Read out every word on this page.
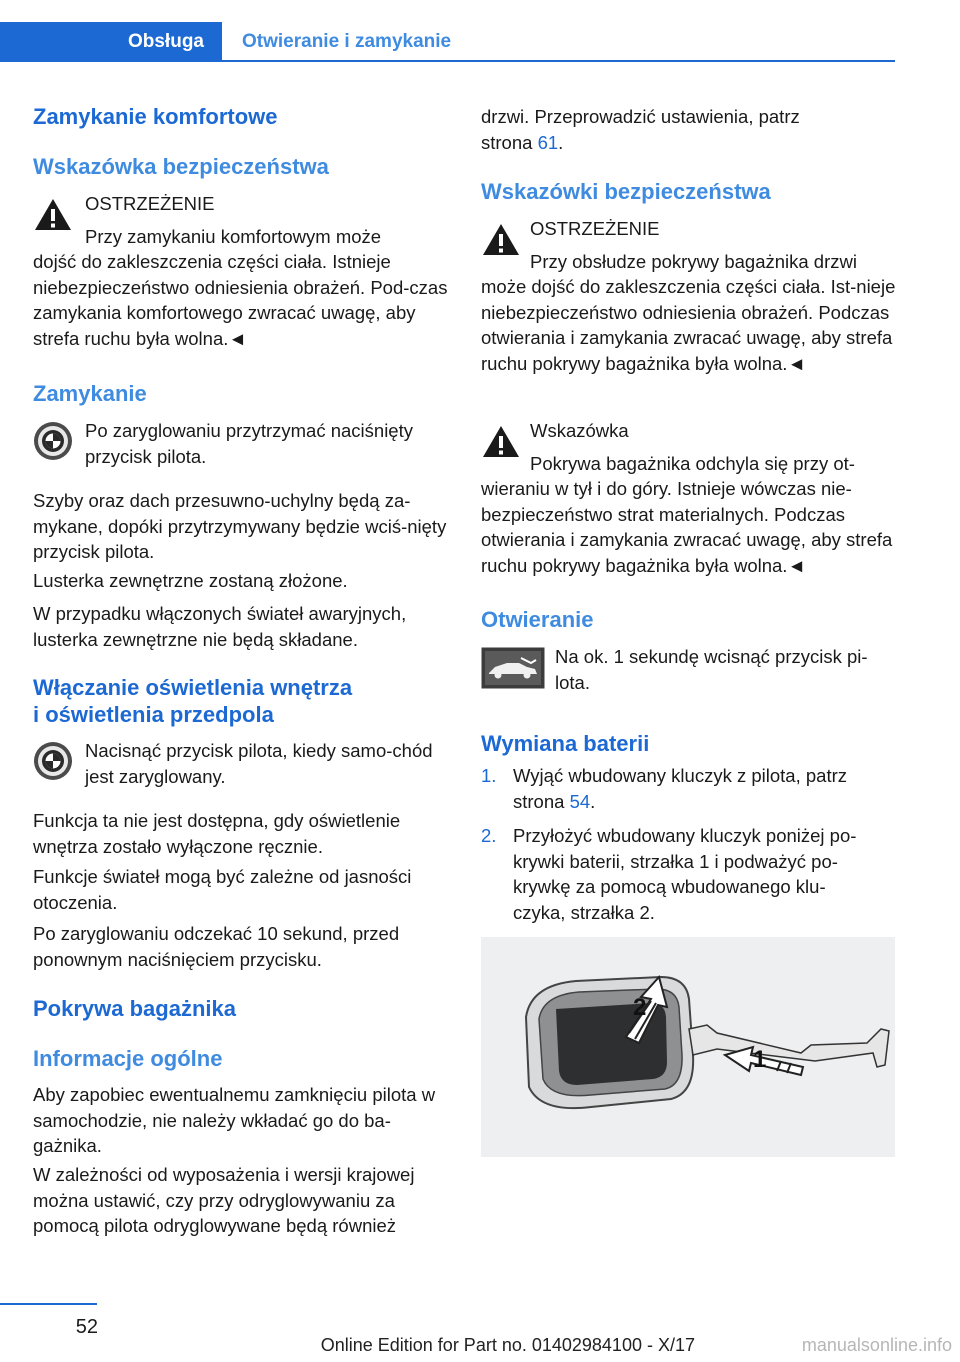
Obsługa	Otwieranie i zamykanie
Zamykanie komfortowe
Wskazówka bezpieczeństwa
OSTRZEŻENIE
Przy zamykaniu komfortowym może

dojść do zakleszczenia części ciała. Istnieje niebezpieczeństwo odniesienia obrażeń. Pod-czas zamykania komfortowego zwracać uwagę, aby strefa ruchu była wolna.◄

Zamykanie
Po zaryglowaniu przytrzymać naciśnięty przycisk pilota.

Szyby oraz dach przesuwno-uchylny będą za-mykane, dopóki przytrzymywany będzie wciś-nięty przycisk pilota.

Lusterka zewnętrzne zostaną złożone.

W przypadku włączonych świateł awaryjnych, lusterka zewnętrzne nie będą składane.

Włączanie oświetlenia wnętrza
i oświetlenia przedpola
Nacisnąć przycisk pilota, kiedy samo-chód jest zaryglowany.

Funkcja ta nie jest dostępna, gdy oświetlenie wnętrza zostało wyłączone ręcznie.

Funkcje świateł mogą być zależne od jasności otoczenia.

Po zaryglowaniu odczekać 10 sekund, przed ponownym naciśnięciem przycisku.

Pokrywa bagażnika
Informacje ogólne

Aby zapobiec ewentualnemu zamknięciu pilota w samochodzie, nie należy wkładać go do ba-gażnika.

W zależności od wyposażenia i wersji krajowej można ustawić, czy przy odryglowywaniu za pomocą pilota odryglowywane będą również

drzwi. Przeprowadzić ustawienia, patrz
strona 61.
Wskazówki bezpieczeństwa
OSTRZEŻENIE
Przy obsłudze pokrywy bagażnika drzwi

może dojść do zakleszczenia części ciała. Ist-nieje niebezpieczeństwo odniesienia obrażeń. Podczas otwierania i zamykania zwracać uwagę, aby strefa ruchu pokrywy bagażnika była wolna.◄

Wskazówka
Pokrywa bagażnika odchyla się przy ot-

wieraniu w tył i do góry. Istnieje wówczas nie-bezpieczeństwo strat materialnych. Podczas otwierania i zamykania zwracać uwagę, aby strefa ruchu pokrywy bagażnika była wolna.◄

Otwieranie
Na ok. 1 sekundę wcisnąć przycisk pi-lota.
Wymiana baterii
1. Wyjąć wbudowany kluczyk z pilota, patrz strona 54.
2. Przyłożyć wbudowany kluczyk poniżej po-krywki baterii, strzałka 1 i podważyć po-krywkę za pomocą wbudowanego klu-czyka, strzałka 2.
2
1
52
Online Edition for Part no. 01402984100 - X/17	manualsonline.info
